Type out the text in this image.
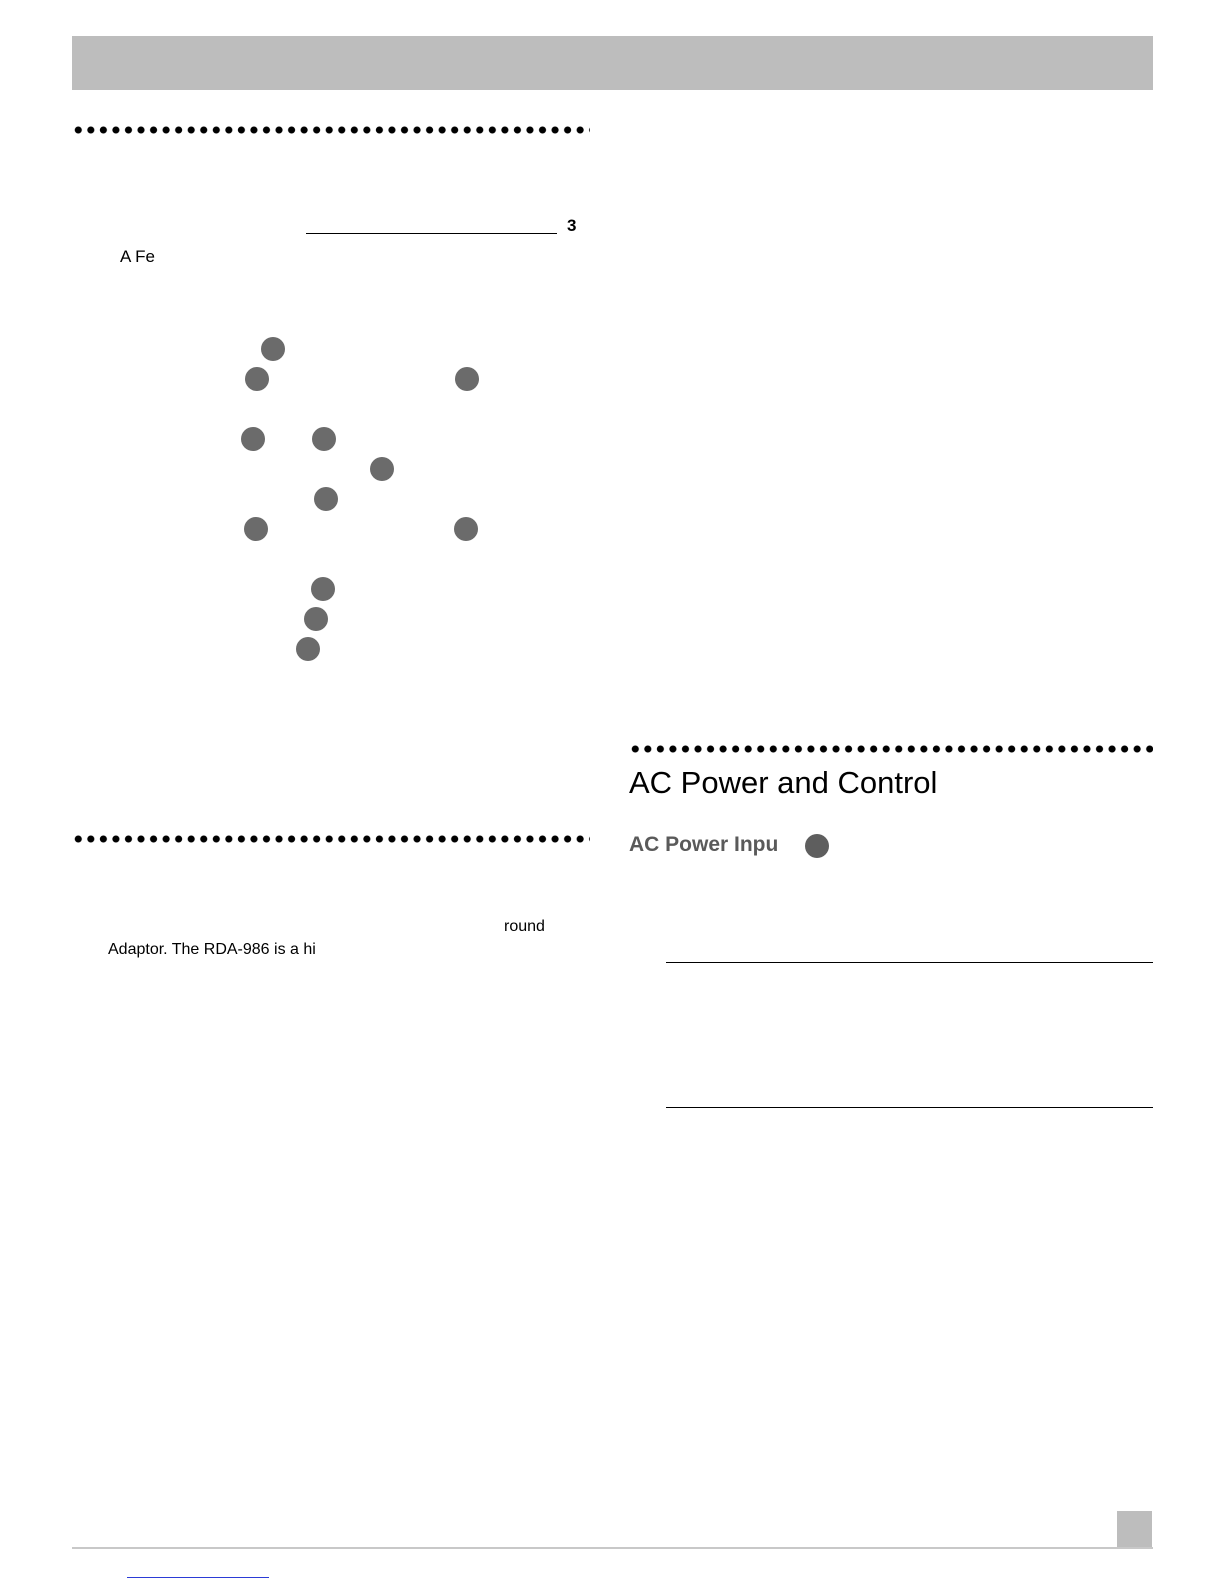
3
A Fe
round
Adaptor. The RDA-986 is a hi
AC Power and Control
AC Power Inpu
